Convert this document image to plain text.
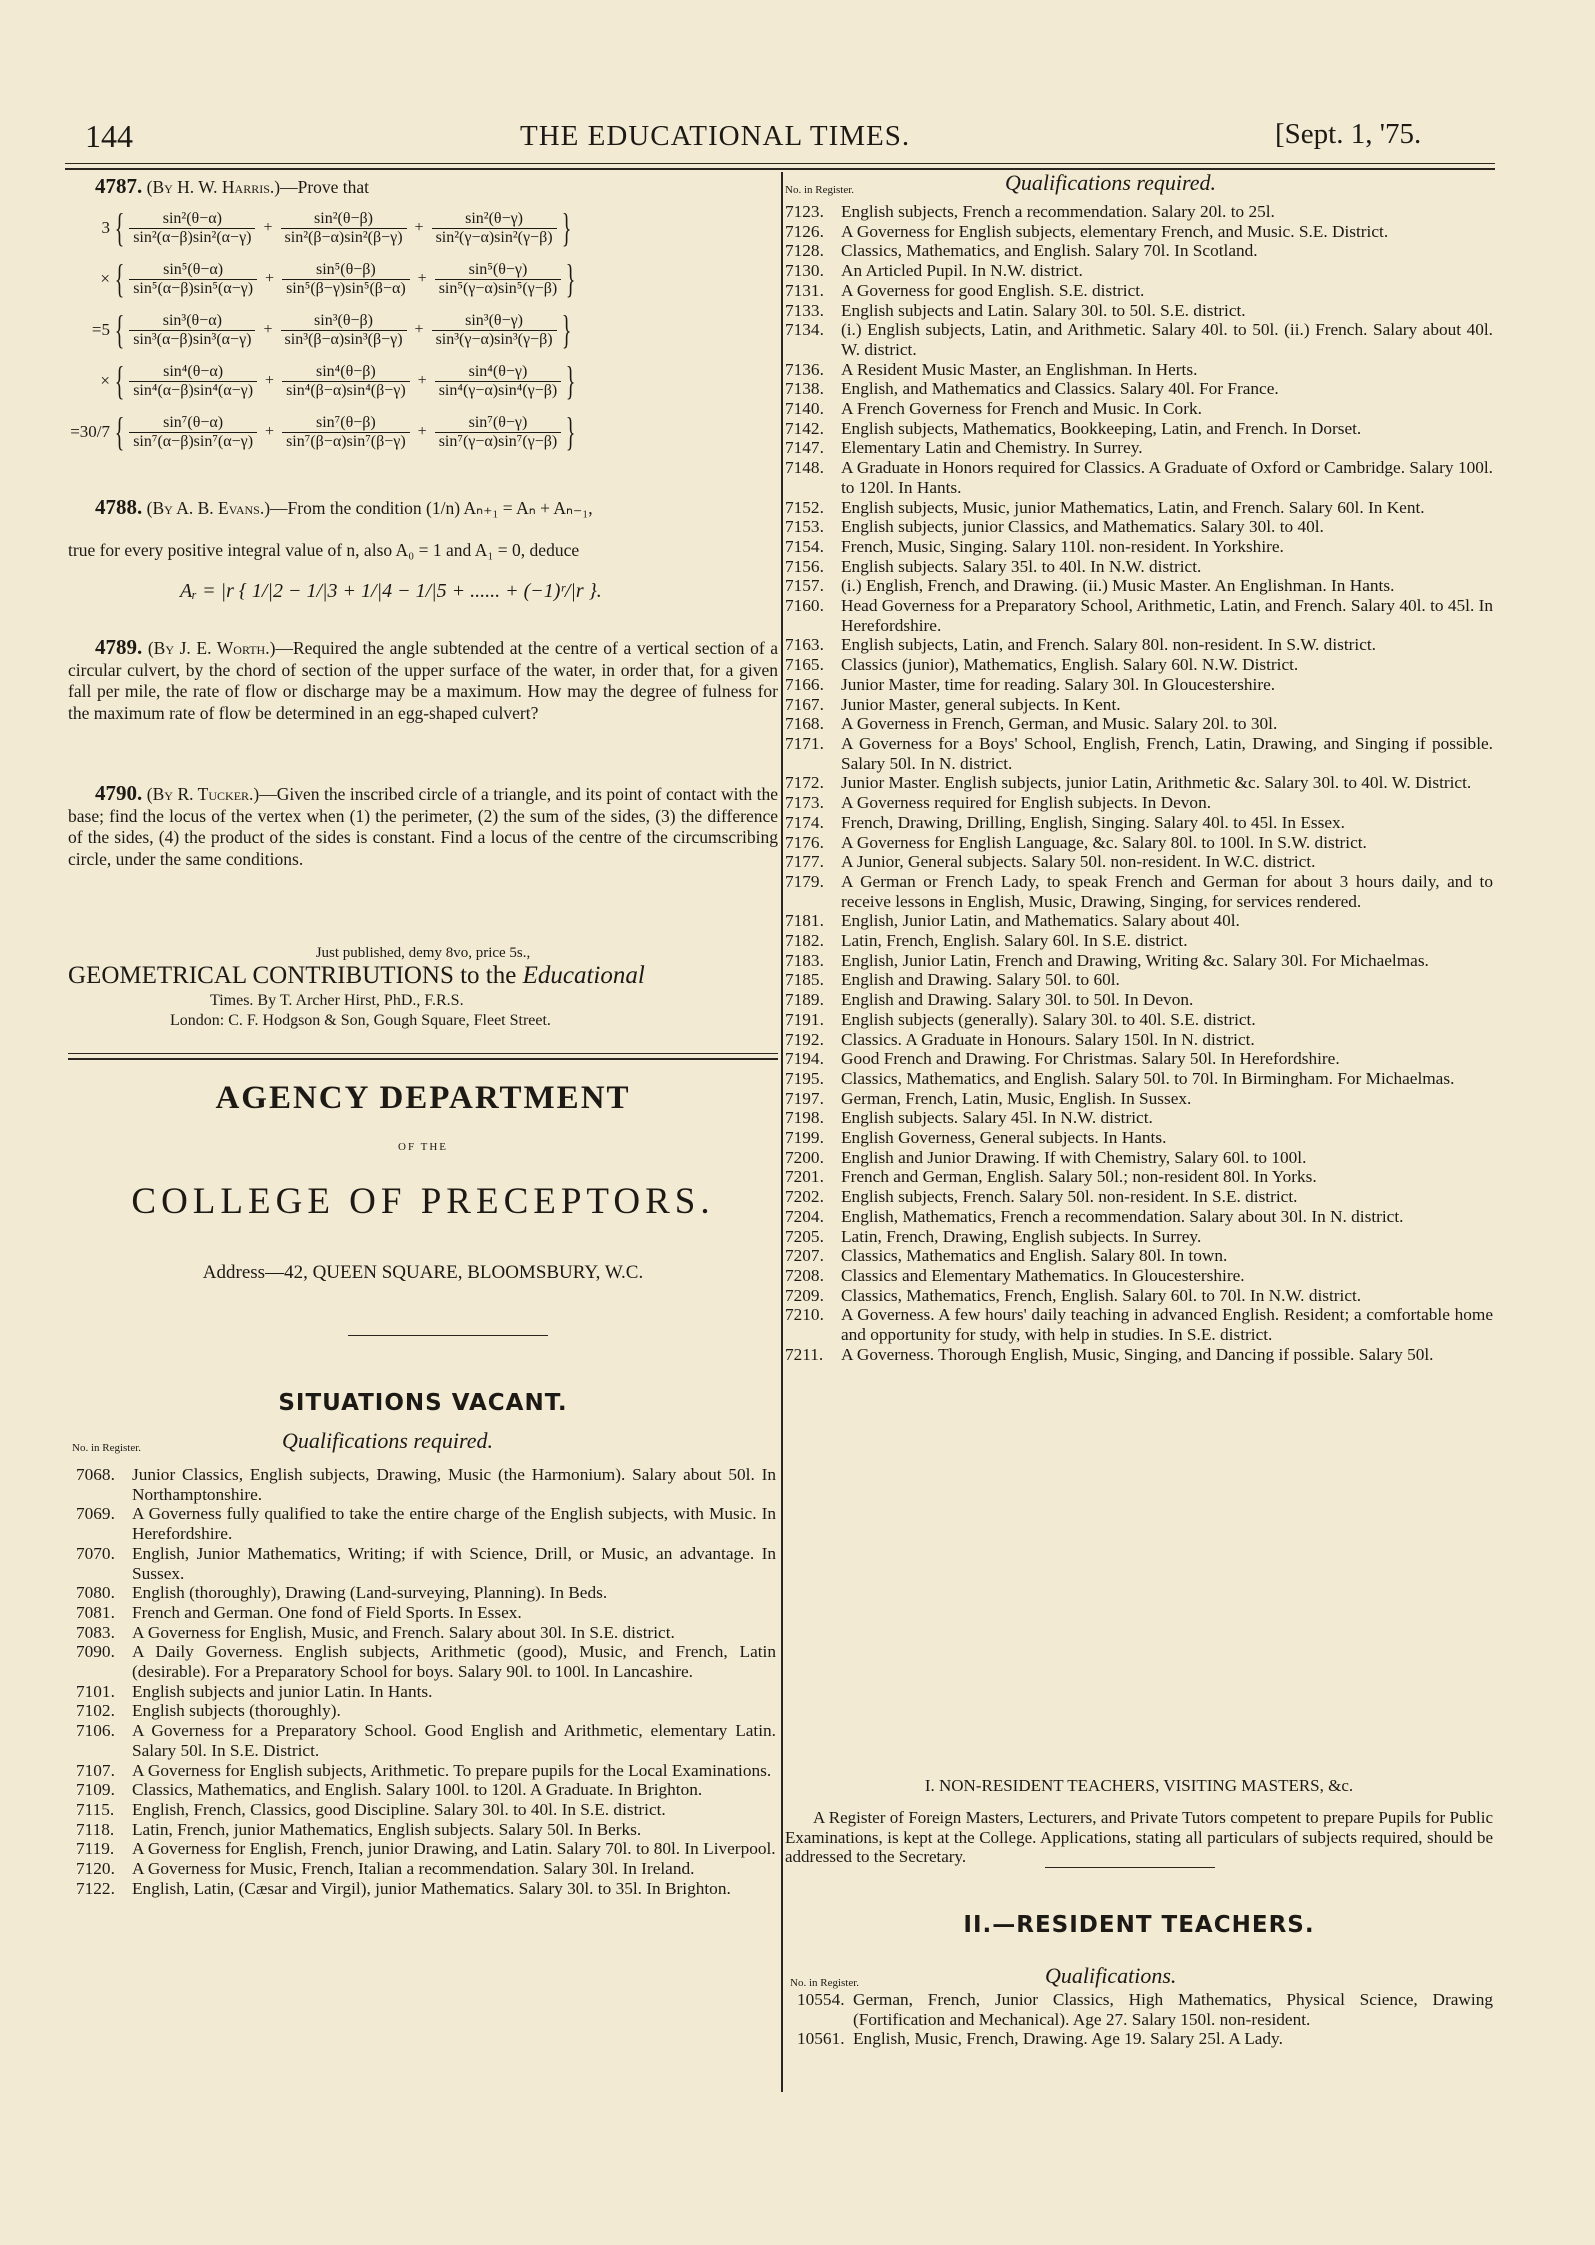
144	THE EDUCATIONAL TIMES.	[Sept. 1, '75.
4787. (By H. W. Harris.)—Prove that
3 { $\frac{\text{sin²(θ−α)}}{\text{sin²(α−β)sin²(α−γ)}} + \frac{\text{sin²(θ−β)}}{\text{sin²(β−α)sin²(β−γ)}} + \frac{\text{sin²(θ−γ)}}{\text{sin²(γ−α)sin²(γ−β)}}$ }
× { $\frac{\text{sin⁵(θ−α)}}{\text{sin⁵(α−β)sin⁵(α−γ)}} + \frac{\text{sin⁵(θ−β)}}{\text{sin⁵(β−γ)sin⁵(β−α)}} + \frac{\text{sin⁵(θ−γ)}}{\text{sin⁵(γ−α)sin⁵(γ−β)}}$ }
=5 { $\frac{\text{sin³(θ−α)}}{\text{sin³(α−β)sin³(α−γ)}} + \frac{\text{sin³(θ−β)}}{\text{sin³(β−α)sin³(β−γ)}} + \frac{\text{sin³(θ−γ)}}{\text{sin³(γ−α)sin³(γ−β)}}$ }
× { $\frac{\text{sin⁴(θ−α)}}{\text{sin⁴(α−β)sin⁴(α−γ)}} + \frac{\text{sin⁴(θ−β)}}{\text{sin⁴(β−α)sin⁴(β−γ)}} + \frac{\text{sin⁴(θ−γ)}}{\text{sin⁴(γ−α)sin⁴(γ−β)}}$ }
=30/7 { $\frac{\text{sin⁷(θ−α)}}{\text{sin⁷(α−β)sin⁷(α−γ)}} + \frac{\text{sin⁷(θ−β)}}{\text{sin⁷(β−α)sin⁷(β−γ)}} + \frac{\text{sin⁷(θ−γ)}}{\text{sin⁷(γ−α)sin⁷(γ−β)}}$ }
4788. (By A. B. Evans.)—From the condition (1/n) Aₙ₊₁ = Aₙ + Aₙ₋₁,
true for every positive integral value of n, also A₀ = 1 and A₁ = 0, deduce
Aᵣ = |r { 1/|2 − 1/|3 + 1/|4 − 1/|5 + ...... + (−1)ʳ/|r }.
4789. (By J. E. Worth.)—Required the angle subtended at the centre of a vertical section of a circular culvert, by the chord of section of the upper surface of the water, in order that, for a given fall per mile, the rate of flow or discharge may be a maximum. How may the degree of fulness for the maximum rate of flow be determined in an egg-shaped culvert?
4790. (By R. Tucker.)—Given the inscribed circle of a triangle, and its point of contact with the base; find the locus of the vertex when (1) the perimeter, (2) the sum of the sides, (3) the difference of the sides, (4) the product of the sides is constant. Find a locus of the centre of the circumscribing circle, under the same conditions.
Just published, demy 8vo, price 5s.,
GEOMETRICAL CONTRIBUTIONS to the Educational
Times. By T. Archer Hirst, PhD., F.R.S.
London: C. F. Hodgson & Son, Gough Square, Fleet Street.
AGENCY DEPARTMENT
OF THE
COLLEGE OF PRECEPTORS.
Address—42, QUEEN SQUARE, BLOOMSBURY, W.C.
SITUATIONS VACANT.
No. in Register.	Qualifications required.
7068. Junior Classics, English subjects, Drawing, Music (the Harmonium). Salary about 50l. In Northamptonshire.
7069. A Governess fully qualified to take the entire charge of the English subjects, with Music. In Herefordshire.
7070. English, Junior Mathematics, Writing; if with Science, Drill, or Music, an advantage. In Sussex.
7080. English (thoroughly), Drawing (Land-surveying, Planning). In Beds.
7081. French and German. One fond of Field Sports. In Essex.
7083. A Governess for English, Music, and French. Salary about 30l. In S.E. district.
7090. A Daily Governess. English subjects, Arithmetic (good), Music, and French, Latin (desirable). For a Preparatory School for boys. Salary 90l. to 100l. In Lancashire.
7101. English subjects and junior Latin. In Hants.
7102. English subjects (thoroughly).
7106. A Governess for a Preparatory School. Good English and Arithmetic, elementary Latin. Salary 50l. In S.E. District.
7107. A Governess for English subjects, Arithmetic. To prepare pupils for the Local Examinations.
7109. Classics, Mathematics, and English. Salary 100l. to 120l. A Graduate. In Brighton.
7115.	English, French, Classics, good Discipline. Salary 30l. to 40l. In S.E. district.
7118.	Latin, French, junior Mathematics, English subjects. Salary 50l. In Berks.
7119.	A Governess for English, French, junior Drawing, and Latin. Salary 70l. to 80l. In Liverpool.
7120. A Governess for Music, French, Italian a recommendation. Salary 30l. In Ireland.
7122. English, Latin, (Cæsar and Virgil), junior Mathematics. Salary 30l. to 35l. In Brighton.
No. in Register.	Qualifications required.
7123. English subjects, French a recommendation. Salary 20l. to 25l.
7126. A Governess for English subjects, elementary French, and Music. S.E. District.
7128. Classics, Mathematics, and English. Salary 70l. In Scotland.
7130. An Articled Pupil. In N.W. district.
7131. A Governess for good English. S.E. district.
7133. English subjects and Latin. Salary 30l. to 50l. S.E. district.
7134. (i.) English subjects, Latin, and Arithmetic. Salary 40l. to 50l. (ii.) French. Salary about 40l. W. district.
7136. A Resident Music Master, an Englishman. In Herts.
7138. English, and Mathematics and Classics. Salary 40l. For France.
7140. A French Governess for French and Music. In Cork.
7142. English subjects, Mathematics, Bookkeeping, Latin, and French. In Dorset.
7147. Elementary Latin and Chemistry. In Surrey.
7148. A Graduate in Honors required for Classics. A Graduate of Oxford or Cambridge. Salary 100l. to 120l. In Hants.
7152. English subjects, Music, junior Mathematics, Latin, and French. Salary 60l. In Kent.
7153. English subjects, junior Classics, and Mathematics. Salary 30l. to 40l.
7154. French, Music, Singing. Salary 110l. non-resident. In Yorkshire.
7156. English subjects. Salary 35l. to 40l. In N.W. district.
7157. (i.) English, French, and Drawing. (ii.) Music Master. An Englishman. In Hants.
7160. Head Governess for a Preparatory School, Arithmetic, Latin, and French. Salary 40l. to 45l. In Herefordshire.
7163. English subjects, Latin, and French. Salary 80l. non-resident. In S.W. district.
7165. Classics (junior), Mathematics, English. Salary 60l. N.W. District.
7166. Junior Master, time for reading. Salary 30l. In Gloucestershire.
7167. Junior Master, general subjects. In Kent.
7168. A Governess in French, German, and Music. Salary 20l. to 30l.
7171. A Governess for a Boys' School, English, French, Latin, Drawing, and Singing if possible. Salary 50l. In N. district.
7172. Junior Master. English subjects, junior Latin, Arithmetic &c. Salary 30l. to 40l. W. District.
7173. A Governess required for English subjects. In Devon.
7174. French, Drawing, Drilling, English, Singing. Salary 40l. to 45l. In Essex.
7176. A Governess for English Language, &c. Salary 80l. to 100l. In S.W. district.
7177. A Junior, General subjects. Salary 50l. non-resident. In W.C. district.
7179. A German or French Lady, to speak French and German for about 3 hours daily, and to receive lessons in English, Music, Drawing, Singing, for services rendered.
7181. English, Junior Latin, and Mathematics. Salary about 40l.
7182. Latin, French, English. Salary 60l. In S.E. district.
7183. English, Junior Latin, French and Drawing, Writing &c. Salary 30l. For Michaelmas.
7185. English and Drawing. Salary 50l. to 60l.
7189. English and Drawing. Salary 30l. to 50l. In Devon.
7191. English subjects (generally). Salary 30l. to 40l. S.E. district.
7192. Classics. A Graduate in Honours. Salary 150l. In N. district.
7194. Good French and Drawing. For Christmas. Salary 50l. In Herefordshire.
7195. Classics, Mathematics, and English. Salary 50l. to 70l. In Birmingham. For Michaelmas.
7197. German, French, Latin, Music, English. In Sussex.
7198. English subjects. Salary 45l. In N.W. district.
7199. English Governess, General subjects. In Hants.
7200. English and Junior Drawing. If with Chemistry, Salary 60l. to 100l.
7201. French and German, English. Salary 50l.; non-resident 80l. In Yorks.
7202. English subjects, French. Salary 50l. non-resident. In S.E. district.
7204. English, Mathematics, French a recommendation. Salary about 30l. In N. district.
7205. Latin, French, Drawing, English subjects. In Surrey.
7207. Classics, Mathematics and English. Salary 80l. In town.
7208. Classics and Elementary Mathematics. In Gloucestershire.
7209. Classics, Mathematics, French, English. Salary 60l. to 70l. In N.W. district.
7210. A Governess. A few hours' daily teaching in advanced English. Resident; a comfortable home and opportunity for study, with help in studies. In S.E. district.
7211.	A Governess. Thorough English, Music, Singing, and Dancing if possible. Salary 50l.
I. NON-RESIDENT TEACHERS, VISITING MASTERS, &c.
A Register of Foreign Masters, Lecturers, and Private Tutors competent to prepare Pupils for Public Examinations, is kept at the College. Applications, stating all particulars of subjects required, should be addressed to the Secretary.
II.—RESIDENT TEACHERS.
No. in Register.	Qualifications.
10554. German, French, Junior Classics, High Mathematics, Physical Science, Drawing (Fortification and Mechanical). Age 27. Salary 150l. non-resident.
10561. English, Music, French, Drawing. Age 19. Salary 25l. A Lady.
